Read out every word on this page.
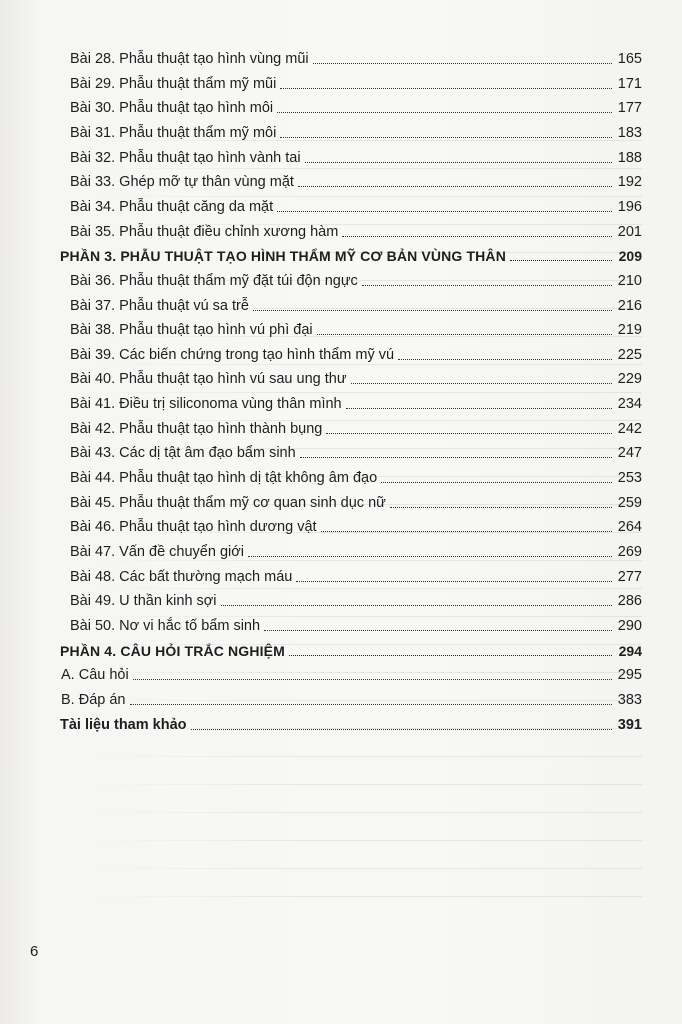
Bài 28. Phẫu thuật tạo hình vùng mũi	165
Bài 29. Phẫu thuật thẩm mỹ mũi	171
Bài 30. Phẫu thuật tạo hình môi	177
Bài 31. Phẫu thuật thẩm mỹ môi	183
Bài 32. Phẫu thuật tạo hình vành tai	188
Bài 33. Ghép mỡ tự thân vùng mặt	192
Bài 34. Phẫu thuật căng da mặt	196
Bài 35. Phẫu thuật điều chỉnh xương hàm	201
PHẦN 3. PHẪU THUẬT TẠO HÌNH THẨM MỸ CƠ BẢN VÙNG THÂN	209
Bài 36. Phẫu thuật thẩm mỹ đặt túi độn ngực	210
Bài 37. Phẫu thuật vú sa trễ	216
Bài 38. Phẫu thuật tạo hình vú phì đại	219
Bài 39. Các biến chứng trong tạo hình thẩm mỹ vú	225
Bài 40. Phẫu thuật tạo hình vú sau ung thư	229
Bài 41. Điều trị siliconoma vùng thân mình	234
Bài 42. Phẫu thuật tạo hình thành bụng	242
Bài 43. Các dị tật âm đạo bẩm sinh	247
Bài 44. Phẫu thuật tạo hình dị tật không âm đạo	253
Bài 45. Phẫu thuật thẩm mỹ cơ quan sinh dục nữ	259
Bài 46. Phẫu thuật tạo hình dương vật	264
Bài 47. Vấn đề chuyển giới	269
Bài 48. Các bất thường mạch máu	277
Bài 49. U thần kinh sợi	286
Bài 50. Nơ vi hắc tố bẩm sinh	290
PHẦN 4. CÂU HỎI TRẮC NGHIỆM	294
A. Câu hỏi	295
B. Đáp án	383
Tài liệu tham khảo	391
6
